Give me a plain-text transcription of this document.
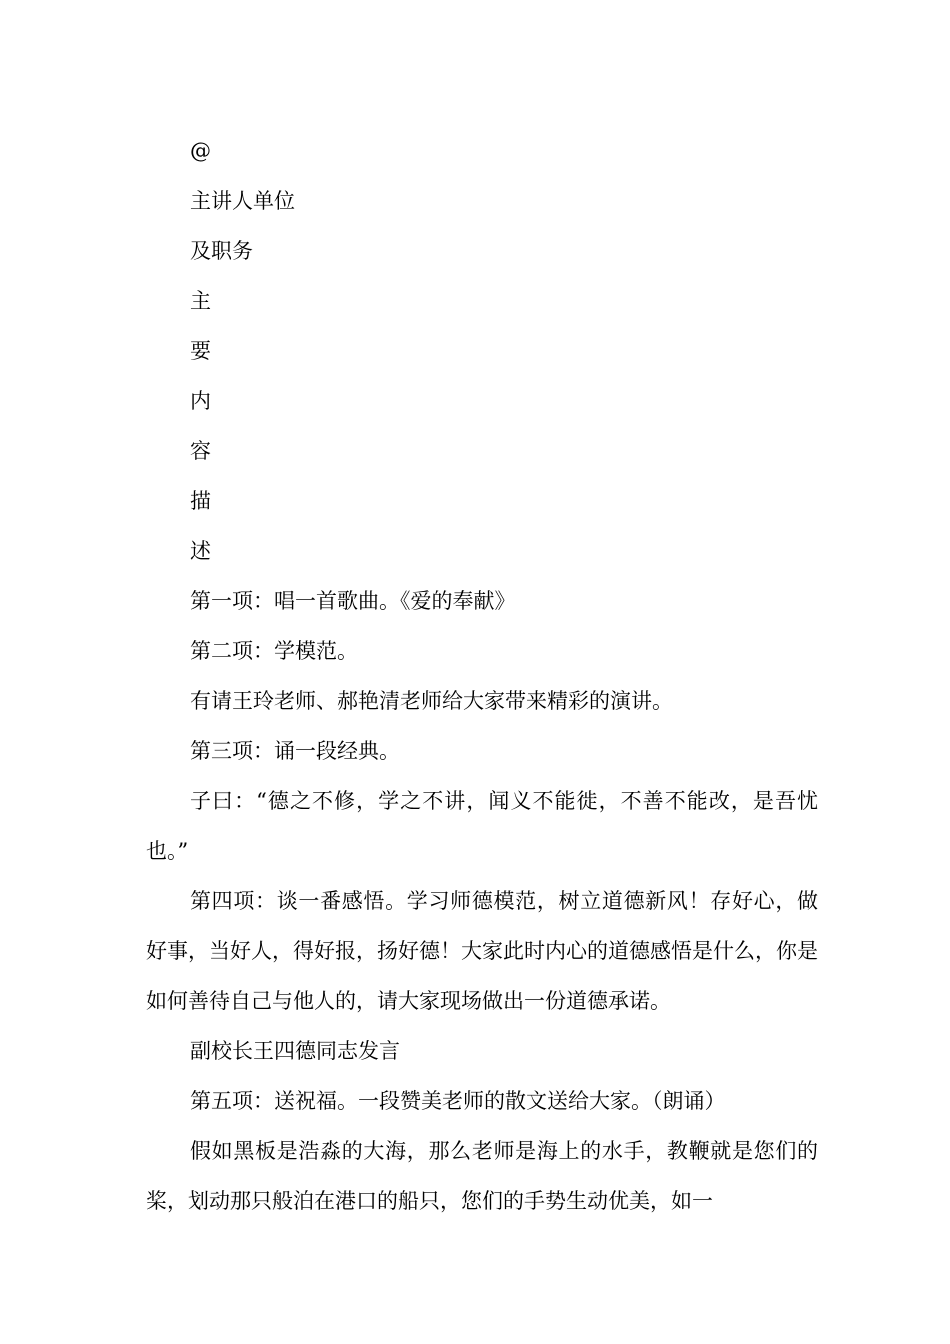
@
主讲人单位
及职务
主
要
内
容
描
述
第一项：唱一首歌曲。《爱的奉献》
第二项：学模范。
有请王玲老师、郝艳清老师给大家带来精彩的演讲。
第三项：诵一段经典。
子曰：“德之不修，学之不讲，闻义不能徙，不善不能改，是吾忧也。”
第四项：谈一番感悟。学习师德模范，树立道德新风！存好心，做好事，当好人，得好报，扬好德！大家此时内心的道德感悟是什么，你是如何善待自己与他人的，请大家现场做出一份道德承诺。
副校长王四德同志发言
第五项：送祝福。一段赞美老师的散文送给大家。（朗诵）
假如黑板是浩淼的大海，那么老师是海上的水手，教鞭就是您们的桨，划动那只般泊在港口的船只，您们的手势生动优美，如一
